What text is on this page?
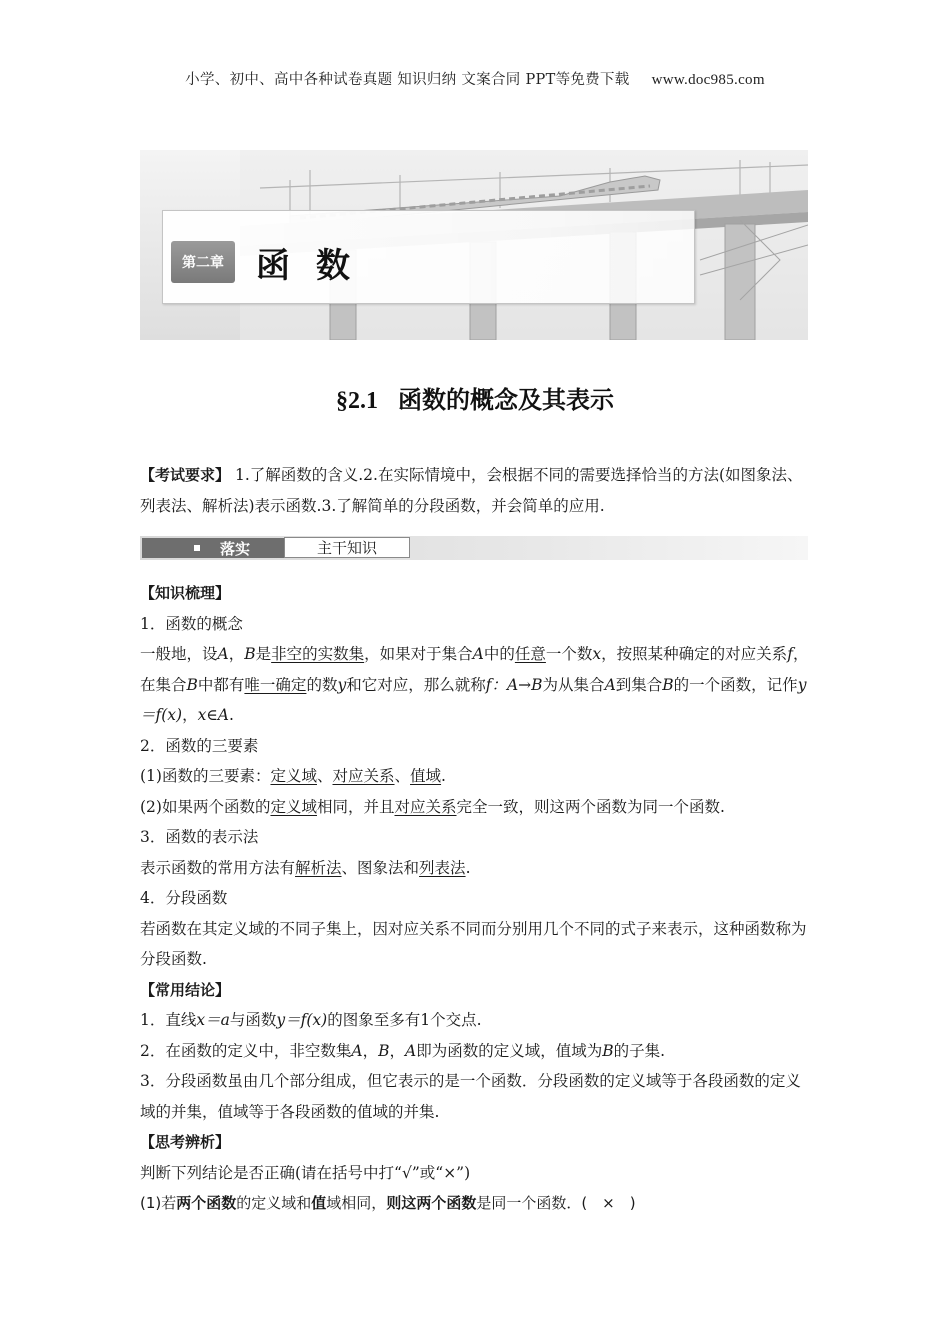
小学、初中、高中各种试卷真题 知识归纳 文案合同 PPT等免费下载 www.doc985.com
第二章 函数
§2.1 函数的概念及其表示
【考试要求】 1.了解函数的含义.2.在实际情境中，会根据不同的需要选择恰当的方法(如图象法、列表法、解析法)表示函数.3.了解简单的分段函数，并会简单的应用.
落实	主干知识

【知识梳理】

1．函数的概念

一般地，设A，B是非空的实数集，如果对于集合A中的任意一个数x，按照某种确定的对应关系f，在集合B中都有唯一确定的数y和它对应，那么就称f：A→B为从集合A到集合B的一个函数，记作y＝f(x)，x∈A.

2．函数的三要素

(1)函数的三要素：定义域、对应关系、值域.

(2)如果两个函数的定义域相同，并且对应关系完全一致，则这两个函数为同一个函数.

3．函数的表示法

表示函数的常用方法有解析法、图象法和列表法.

4．分段函数

若函数在其定义域的不同子集上，因对应关系不同而分别用几个不同的式子来表示，这种函数称为分段函数.

【常用结论】

1．直线x＝a与函数y＝f(x)的图象至多有1个交点.

2．在函数的定义中，非空数集A，B，A即为函数的定义域，值域为B的子集.

3．分段函数虽由几个部分组成，但它表示的是一个函数．分段函数的定义域等于各段函数的定义域的并集，值域等于各段函数的值域的并集.

【思考辨析】

判断下列结论是否正确(请在括号中打“√”或“×”)

(1)若两个函数的定义域和值域相同，则这两个函数是同一个函数．(　×　)
